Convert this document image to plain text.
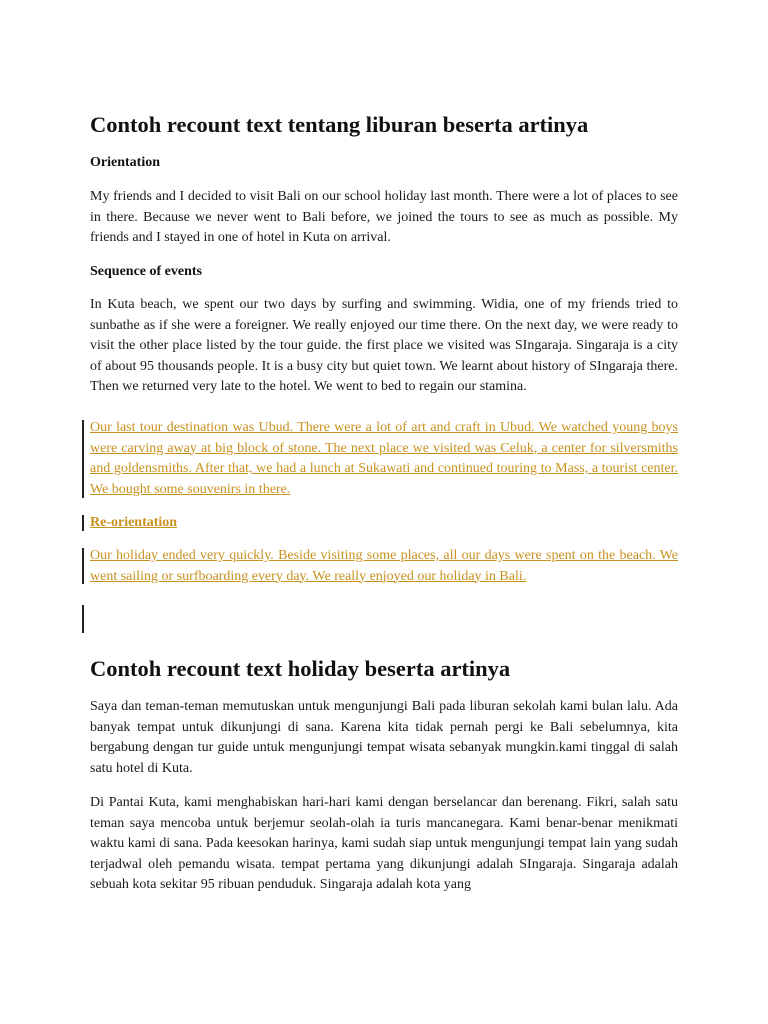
Contoh recount text tentang liburan beserta artinya
Orientation

My friends and I decided to visit Bali on our school holiday last month. There were a lot of places to see in there. Because we never went to Bali before, we joined the tours to see as much as possible. My friends and I stayed in one of hotel in Kuta on arrival.

Sequence of events

In Kuta beach, we spent our two days by surfing and swimming. Widia, one of my friends tried to sunbathe as if she were a foreigner. We really enjoyed our time there. On the next day, we were ready to visit the other place listed by the tour guide. the first place we visited was SIngaraja. Singaraja is a city of about 95 thousands people. It is a busy city but quiet town. We learnt about history of SIngaraja there. Then we returned very late to the hotel. We went to bed to regain our stamina.

Our last tour destination was Ubud. There were a lot of art and craft in Ubud. We watched young boys were carving away at big block of stone. The next place we visited was Celuk, a center for silversmiths and goldensmiths. After that, we had a lunch at Sukawati and continued touring to Mass, a tourist center. We bought some souvenirs in there.

Re-orientation

Our holiday ended very quickly. Beside visiting some places, all our days were spent on the beach. We went sailing or surfboarding every day. We really enjoyed our holiday in Bali.

Contoh recount text holiday beserta artinya

Saya dan teman-teman memutuskan untuk mengunjungi Bali pada liburan sekolah kami bulan lalu. Ada banyak tempat untuk dikunjungi di sana. Karena kita tidak pernah pergi ke Bali sebelumnya, kita bergabung dengan tur guide untuk mengunjungi tempat wisata sebanyak mungkin.kami tinggal di salah satu hotel di Kuta.

Di Pantai Kuta, kami menghabiskan hari-hari kami dengan berselancar dan berenang. Fikri, salah satu teman saya mencoba untuk berjemur seolah-olah ia turis mancanegara. Kami benar-benar menikmati waktu kami di sana. Pada keesokan harinya, kami sudah siap untuk mengunjungi tempat lain yang sudah terjadwal oleh pemandu wisata. tempat pertama yang dikunjungi adalah SIngaraja. Singaraja adalah sebuah kota sekitar 95 ribuan penduduk. Singaraja adalah kota yang
